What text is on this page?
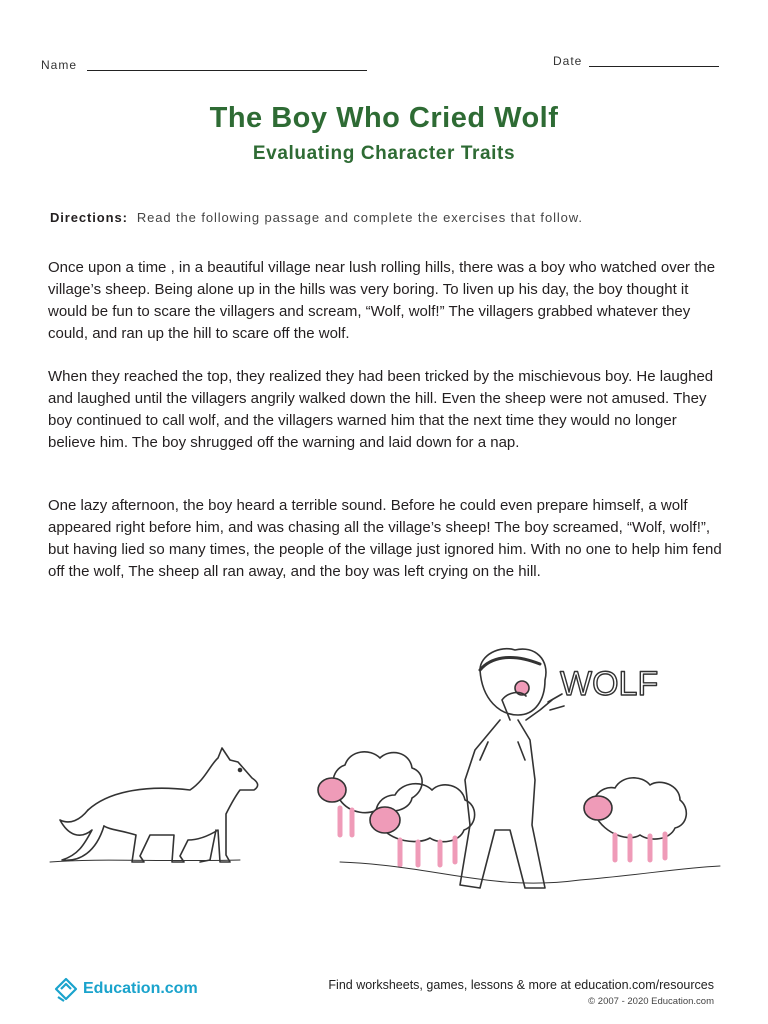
Name	Date
The Boy Who Cried Wolf
Evaluating Character Traits
Directions: Read the following passage and complete the exercises that follow.
Once upon a time , in a beautiful village near lush rolling hills, there was a boy who watched over the village’s sheep. Being alone up in the hills was very boring. To liven up his day, the boy thought it would be fun to scare the villagers and scream, “Wolf, wolf!” The villagers grabbed whatever they could, and ran up the hill to scare off the wolf.
When they reached the top, they realized they had been tricked by the mischievous boy. He laughed and laughed until the villagers angrily walked down the hill. Even the sheep were not amused. They boy continued to call wolf, and the villagers warned him that the next time they would no longer believe him. The boy shrugged off the warning and laid down for a nap.
One lazy afternoon, the boy heard a terrible sound. Before he could even prepare himself, a wolf appeared right before him, and was chasing all the village’s sheep! The boy screamed, “Wolf, wolf!”, but having lied so many times, the people of the village just ignored him. With no one to help him fend off the wolf, The sheep all ran away, and the boy was left crying on the hill.
WOLF
Education.com	Find worksheets, games, lessons & more at education.com/resources
© 2007 - 2020 Education.com
